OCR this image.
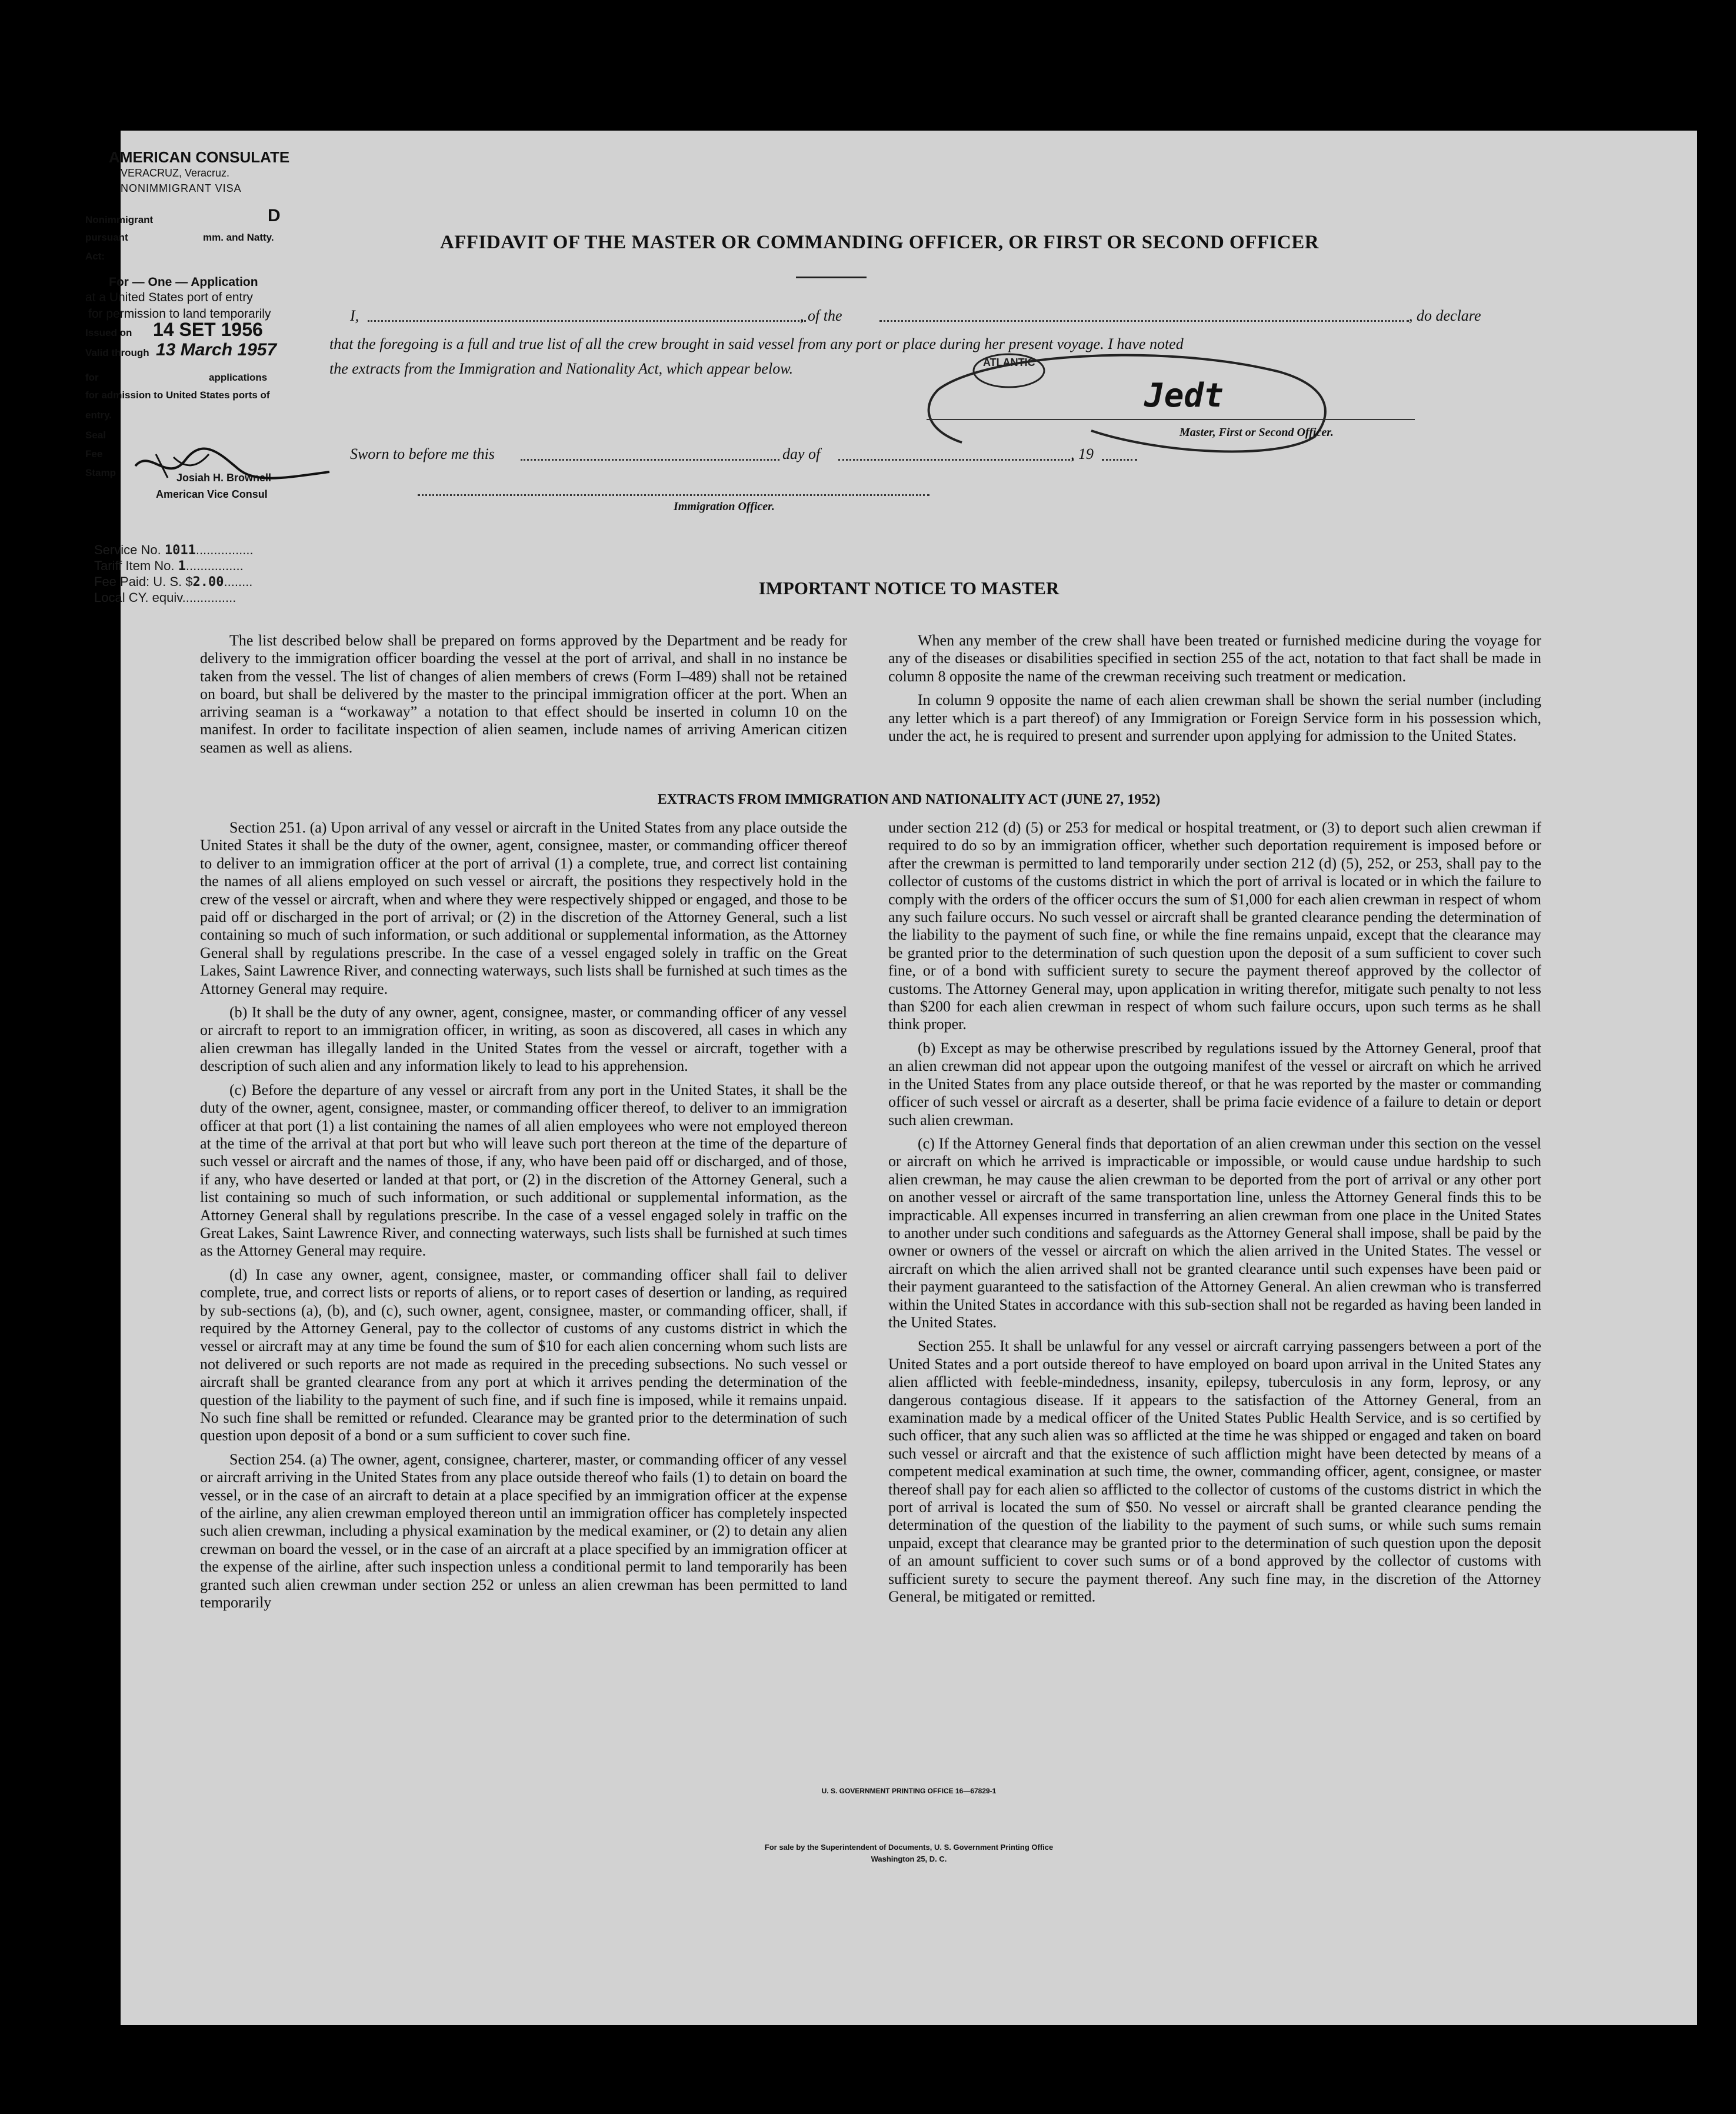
AMERICAN CONSULATE
VERACRUZ, Veracruz.
NONIMMIGRANT VISA
Nonimmigrant	D
pursuant	mm. and Natty.
Act:
For — One — Application
at a United States port of entry
for permission to land temporarily
Issued on 14 SET 1956
Valid through 13 March 1957
for	applications
for admission to United States ports of
entry.
Seal
Fee
Stamp	Josiah H. Brownell
American Vice Consul
AFFIDAVIT OF THE MASTER OR COMMANDING OFFICER, OR FIRST OR SECOND OFFICER
I,	, of the	, do declare
that the foregoing is a full and true list of all the crew brought in said vessel from any port or place during her present voyage. I have noted
the extracts from the Immigration and Nationality Act, which appear below.	ATLANTIC
Jedt
Master, First or Second Officer.
Sworn to before me this	day of	, 19
Immigration Officer.
Service No. 1011................
Tariff Item No. 1................
Fee Paid: U. S. $2.00........
Local CY. equiv...............	IMPORTANT NOTICE TO MASTER
The list described below shall be prepared on forms approved by the Department and be ready for delivery to the immigration officer boarding the vessel at the port of arrival, and shall in no instance be taken from the vessel. The list of changes of alien members of crews (Form I–489) shall not be retained on board, but shall be delivered by the master to the principal immigration officer at the port. When an arriving seaman is a “workaway” a notation to that effect should be inserted in column 10 on the manifest. In order to facilitate inspection of alien seamen, include names of arriving American citizen seamen as well as aliens.

When any member of the crew shall have been treated or furnished medicine during the voyage for any of the diseases or disabilities specified in section 255 of the act, notation to that fact shall be made in column 8 opposite the name of the crewman receiving such treatment or medication.

In column 9 opposite the name of each alien crewman shall be shown the serial number (including any letter which is a part thereof) of any Immigration or Foreign Service form in his possession which, under the act, he is required to present and surrender upon applying for admission to the United States.

EXTRACTS FROM IMMIGRATION AND NATIONALITY ACT (JUNE 27, 1952)

Section 251. (a) Upon arrival of any vessel or aircraft in the United States from any place outside the United States it shall be the duty of the owner, agent, consignee, master, or commanding officer thereof to deliver to an immigration officer at the port of arrival (1) a complete, true, and correct list containing the names of all aliens employed on such vessel or aircraft, the positions they respectively hold in the crew of the vessel or aircraft, when and where they were respectively shipped or engaged, and those to be paid off or discharged in the port of arrival; or (2) in the discretion of the Attorney General, such a list containing so much of such information, or such additional or supplemental information, as the Attorney General shall by regulations prescribe. In the case of a vessel engaged solely in traffic on the Great Lakes, Saint Lawrence River, and connecting waterways, such lists shall be furnished at such times as the Attorney General may require.

(b) It shall be the duty of any owner, agent, consignee, master, or commanding officer of any vessel or aircraft to report to an immigration officer, in writing, as soon as discovered, all cases in which any alien crewman has illegally landed in the United States from the vessel or aircraft, together with a description of such alien and any information likely to lead to his apprehension.

(c) Before the departure of any vessel or aircraft from any port in the United States, it shall be the duty of the owner, agent, consignee, master, or commanding officer thereof, to deliver to an immigration officer at that port (1) a list containing the names of all alien employees who were not employed thereon at the time of the arrival at that port but who will leave such port thereon at the time of the departure of such vessel or aircraft and the names of those, if any, who have been paid off or discharged, and of those, if any, who have deserted or landed at that port, or (2) in the discretion of the Attorney General, such a list containing so much of such information, or such additional or supplemental information, as the Attorney General shall by regulations prescribe. In the case of a vessel engaged solely in traffic on the Great Lakes, Saint Lawrence River, and connecting waterways, such lists shall be furnished at such times as the Attorney General may require.

(d) In case any owner, agent, consignee, master, or commanding officer shall fail to deliver complete, true, and correct lists or reports of aliens, or to report cases of desertion or landing, as required by sub-sections (a), (b), and (c), such owner, agent, consignee, master, or commanding officer, shall, if required by the Attorney General, pay to the collector of customs of any customs district in which the vessel or aircraft may at any time be found the sum of $10 for each alien concerning whom such lists are not delivered or such reports are not made as required in the preceding subsections. No such vessel or aircraft shall be granted clearance from any port at which it arrives pending the determination of the question of the liability to the payment of such fine, and if such fine is imposed, while it remains unpaid. No such fine shall be remitted or refunded. Clearance may be granted prior to the determination of such question upon deposit of a bond or a sum sufficient to cover such fine.

Section 254. (a) The owner, agent, consignee, charterer, master, or commanding officer of any vessel or aircraft arriving in the United States from any place outside thereof who fails (1) to detain on board the vessel, or in the case of an aircraft to detain at a place specified by an immigration officer at the expense of the airline, any alien crewman employed thereon until an immigration officer has completely inspected such alien crewman, including a physical examination by the medical examiner, or (2) to detain any alien crewman on board the vessel, or in the case of an aircraft at a place specified by an immigration officer at the expense of the airline, after such inspection unless a conditional permit to land temporarily has been granted such alien crewman under section 252 or unless an alien crewman has been permitted to land temporarily

under section 212 (d) (5) or 253 for medical or hospital treatment, or (3) to deport such alien crewman if required to do so by an immigration officer, whether such deportation requirement is imposed before or after the crewman is permitted to land temporarily under section 212 (d) (5), 252, or 253, shall pay to the collector of customs of the customs district in which the port of arrival is located or in which the failure to comply with the orders of the officer occurs the sum of $1,000 for each alien crewman in respect of whom any such failure occurs. No such vessel or aircraft shall be granted clearance pending the determination of the liability to the payment of such fine, or while the fine remains unpaid, except that the clearance may be granted prior to the determination of such question upon the deposit of a sum sufficient to cover such fine, or of a bond with sufficient surety to secure the payment thereof approved by the collector of customs. The Attorney General may, upon application in writing therefor, mitigate such penalty to not less than $200 for each alien crewman in respect of whom such failure occurs, upon such terms as he shall think proper.

(b) Except as may be otherwise prescribed by regulations issued by the Attorney General, proof that an alien crewman did not appear upon the outgoing manifest of the vessel or aircraft on which he arrived in the United States from any place outside thereof, or that he was reported by the master or commanding officer of such vessel or aircraft as a deserter, shall be prima facie evidence of a failure to detain or deport such alien crewman.

(c) If the Attorney General finds that deportation of an alien crewman under this section on the vessel or aircraft on which he arrived is impracticable or impossible, or would cause undue hardship to such alien crewman, he may cause the alien crewman to be deported from the port of arrival or any other port on another vessel or aircraft of the same transportation line, unless the Attorney General finds this to be impracticable. All expenses incurred in transferring an alien crewman from one place in the United States to another under such conditions and safeguards as the Attorney General shall impose, shall be paid by the owner or owners of the vessel or aircraft on which the alien arrived in the United States. The vessel or aircraft on which the alien arrived shall not be granted clearance until such expenses have been paid or their payment guaranteed to the satisfaction of the Attorney General. An alien crewman who is transferred within the United States in accordance with this sub-section shall not be regarded as having been landed in the United States.

Section 255. It shall be unlawful for any vessel or aircraft carrying passengers between a port of the United States and a port outside thereof to have employed on board upon arrival in the United States any alien afflicted with feeble-mindedness, insanity, epilepsy, tuberculosis in any form, leprosy, or any dangerous contagious disease. If it appears to the satisfaction of the Attorney General, from an examination made by a medical officer of the United States Public Health Service, and is so certified by such officer, that any such alien was so afflicted at the time he was shipped or engaged and taken on board such vessel or aircraft and that the existence of such affliction might have been detected by means of a competent medical examination at such time, the owner, commanding officer, agent, consignee, or master thereof shall pay for each alien so afflicted to the collector of customs of the customs district in which the port of arrival is located the sum of $50. No vessel or aircraft shall be granted clearance pending the determination of the question of the liability to the payment of such sums, or while such sums remain unpaid, except that clearance may be granted prior to the determination of such question upon the deposit of an amount sufficient to cover such sums or of a bond approved by the collector of customs with sufficient surety to secure the payment thereof. Any such fine may, in the discretion of the Attorney General, be mitigated or remitted.

U. S. GOVERNMENT PRINTING OFFICE 16—67829-1
For sale by the Superintendent of Documents, U. S. Government Printing Office
Washington 25, D. C.
